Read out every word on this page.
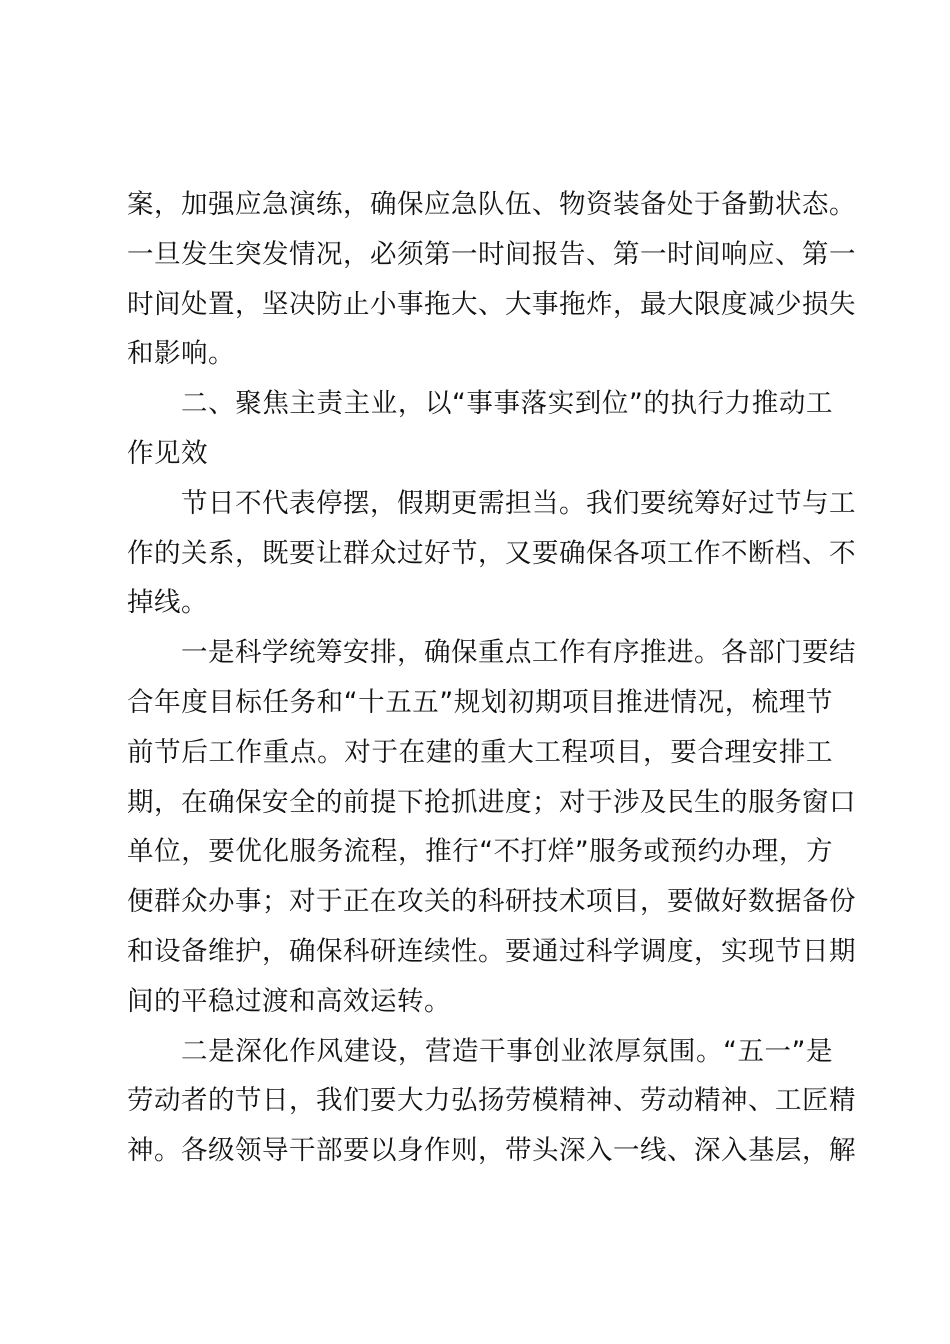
案，加强应急演练，确保应急队伍、物资装备处于备勤状态。
一旦发生突发情况，必须第一时间报告、第一时间响应、第一
时间处置，坚决防止小事拖大、大事拖炸，最大限度减少损失
和影响。
二、聚焦主责主业，以“事事落实到位”的执行力推动工
作见效
节日不代表停摆，假期更需担当。我们要统筹好过节与工
作的关系，既要让群众过好节，又要确保各项工作不断档、不
掉线。
一是科学统筹安排，确保重点工作有序推进。各部门要结
合年度目标任务和“十五五”规划初期项目推进情况，梳理节
前节后工作重点。对于在建的重大工程项目，要合理安排工
期，在确保安全的前提下抢抓进度；对于涉及民生的服务窗口
单位，要优化服务流程，推行“不打烊”服务或预约办理，方
便群众办事；对于正在攻关的科研技术项目，要做好数据备份
和设备维护，确保科研连续性。要通过科学调度，实现节日期
间的平稳过渡和高效运转。
二是深化作风建设，营造干事创业浓厚氛围。“五一”是
劳动者的节日，我们要大力弘扬劳模精神、劳动精神、工匠精
神。各级领导干部要以身作则，带头深入一线、深入基层，解
